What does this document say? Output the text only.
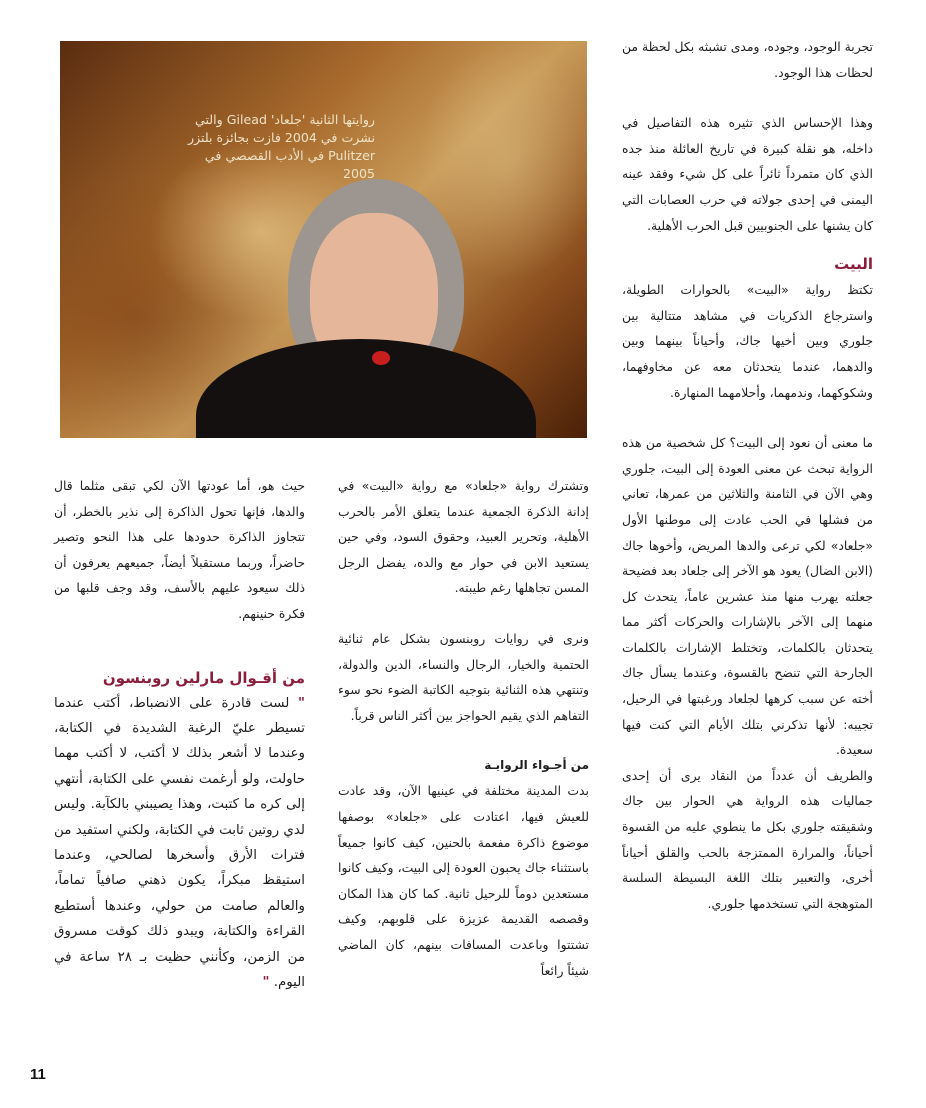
روايتها الثانية 'جلعاد' Gilead والتي نشرت في 2004 فازت بجائزة بلتزر Pulitzer في الأدب القصصي في 2005

تجربة الوجود، وجوده، ومدى تشبثه بكل لحظة من لحظات هذا الوجود.

وهذا الإحساس الذي تثيره هذه التفاصيل في داخله، هو نقلة كبيرة في تاريخ العائلة منذ جده الذي كان متمرداً ثائراً على كل شيء وفقد عينه اليمنى في إحدى جولاته في حرب العصابات التي كان يشنها على الجنوبيين قبل الحرب الأهلية.

البيت

تكتظ رواية «البيت» بالحوارات الطويلة، واسترجاع الذكريات في مشاهد متتالية بين جلوري وبين أخيها جاك، وأحياناً بينهما وبين والدهما، عندما يتحدثان معه عن مخاوفهما، وشكوكهما، وندمهما، وأحلامهما المنهارة.

ما معنى أن نعود إلى البيت؟ كل شخصية من هذه الرواية تبحث عن معنى العودة إلى البيت، جلوري وهي الآن في الثامنة والثلاثين من عمرها، تعاني من فشلها في الحب عادت إلى موطنها الأول «جلعاد» لكي ترعى والدها المريض، وأخوها جاك (الابن الضال) يعود هو الآخر إلى جلعاد بعد فضيحة جعلته يهرب منها منذ عشرين عاماً، يتحدث كل منهما إلى الآخر بالإشارات والحركات أكثر مما يتحدثان بالكلمات، وتختلط الإشارات بالكلمات الجارحة التي تنضح بالقسوة، وعندما يسأل جاك أخته عن سبب كرهها لجلعاد ورغبتها في الرحيل، تجيبه: لأنها تذكرني بتلك الأيام التي كنت فيها سعيدة.

والطريف أن عدداً من النقاد يرى أن إحدى جماليات هذه الرواية هي الحوار بين جاك وشقيقته جلوري بكل ما ينطوي عليه من القسوة أحياناً، والمرارة الممتزجة بالحب والقلق أحياناً أخرى، والتعبير بتلك اللغة البسيطة السلسة المتوهجة التي تستخدمها جلوري.

وتشترك رواية «جلعاد» مع رواية «البيت» في إدانة الذكرة الجمعية عندما يتعلق الأمر بالحرب الأهلية، وتحرير العبيد، وحقوق السود، وفي حين يستعيد الابن في حوار مع والده، يفضل الرجل المسن تجاهلها رغم طيبته.

ونرى في روايات روبنسون بشكل عام ثنائية الحتمية والخيار، الرجال والنساء، الدين والدولة، وتنتهي هذه الثنائية بتوجيه الكاتبة الضوء نحو سوء التفاهم الذي يقيم الحواجز بين أكثر الناس قرباً.

من أجـواء الروايـة

بدت المدينة مختلفة في عينيها الآن، وقد عادت للعيش فيها، اعتادت على «جلعاد» بوصفها موضوع ذاكرة مفعمة بالحنين، كيف كانوا جميعاً باستثناء جاك يحبون العودة إلى البيت، وكيف كانوا مستعدين دوماً للرحيل ثانية. كما كان هذا المكان وقصصه القديمة عزيزة على قلوبهم، وكيف تشتتوا وباعدت المسافات بينهم، كان الماضي شيئاً رائعاً

حيث هو، أما عودتها الآن لكي تبقى مثلما قال والدها، فإنها تحول الذاكرة إلى نذير بالخطر، أن تتجاوز الذاكرة حدودها على هذا النحو وتصير حاضراً، وربما مستقبلاً أيضاً، جميعهم يعرفون أن ذلك سيعود عليهم بالأسف، وقد وجف قلبها من فكرة حنينهم.

من أقـوال مارلين روبنسون

" لست قادرة على الانضباط، أكتب عندما تسيطر عليّ الرغبة الشديدة في الكتابة، وعندما لا أشعر بذلك لا أكتب، لا أكتب مهما حاولت، ولو أرغمت نفسي على الكتابة، أنتهي إلى كره ما كتبت، وهذا يصيبني بالكآبة. وليس لدي روتين ثابت في الكتابة، ولكني استفيد من فترات الأرق وأسخرها لصالحي، وعندما استيقظ مبكراً، يكون ذهني صافياً تماماً، والعالم صامت من حولي، وعندها أستطيع القراءة والكتابة، ويبدو ذلك كوقت مسروق من الزمن، وكأنني حظيت بـ ٢٨ ساعة في اليوم. "

11
